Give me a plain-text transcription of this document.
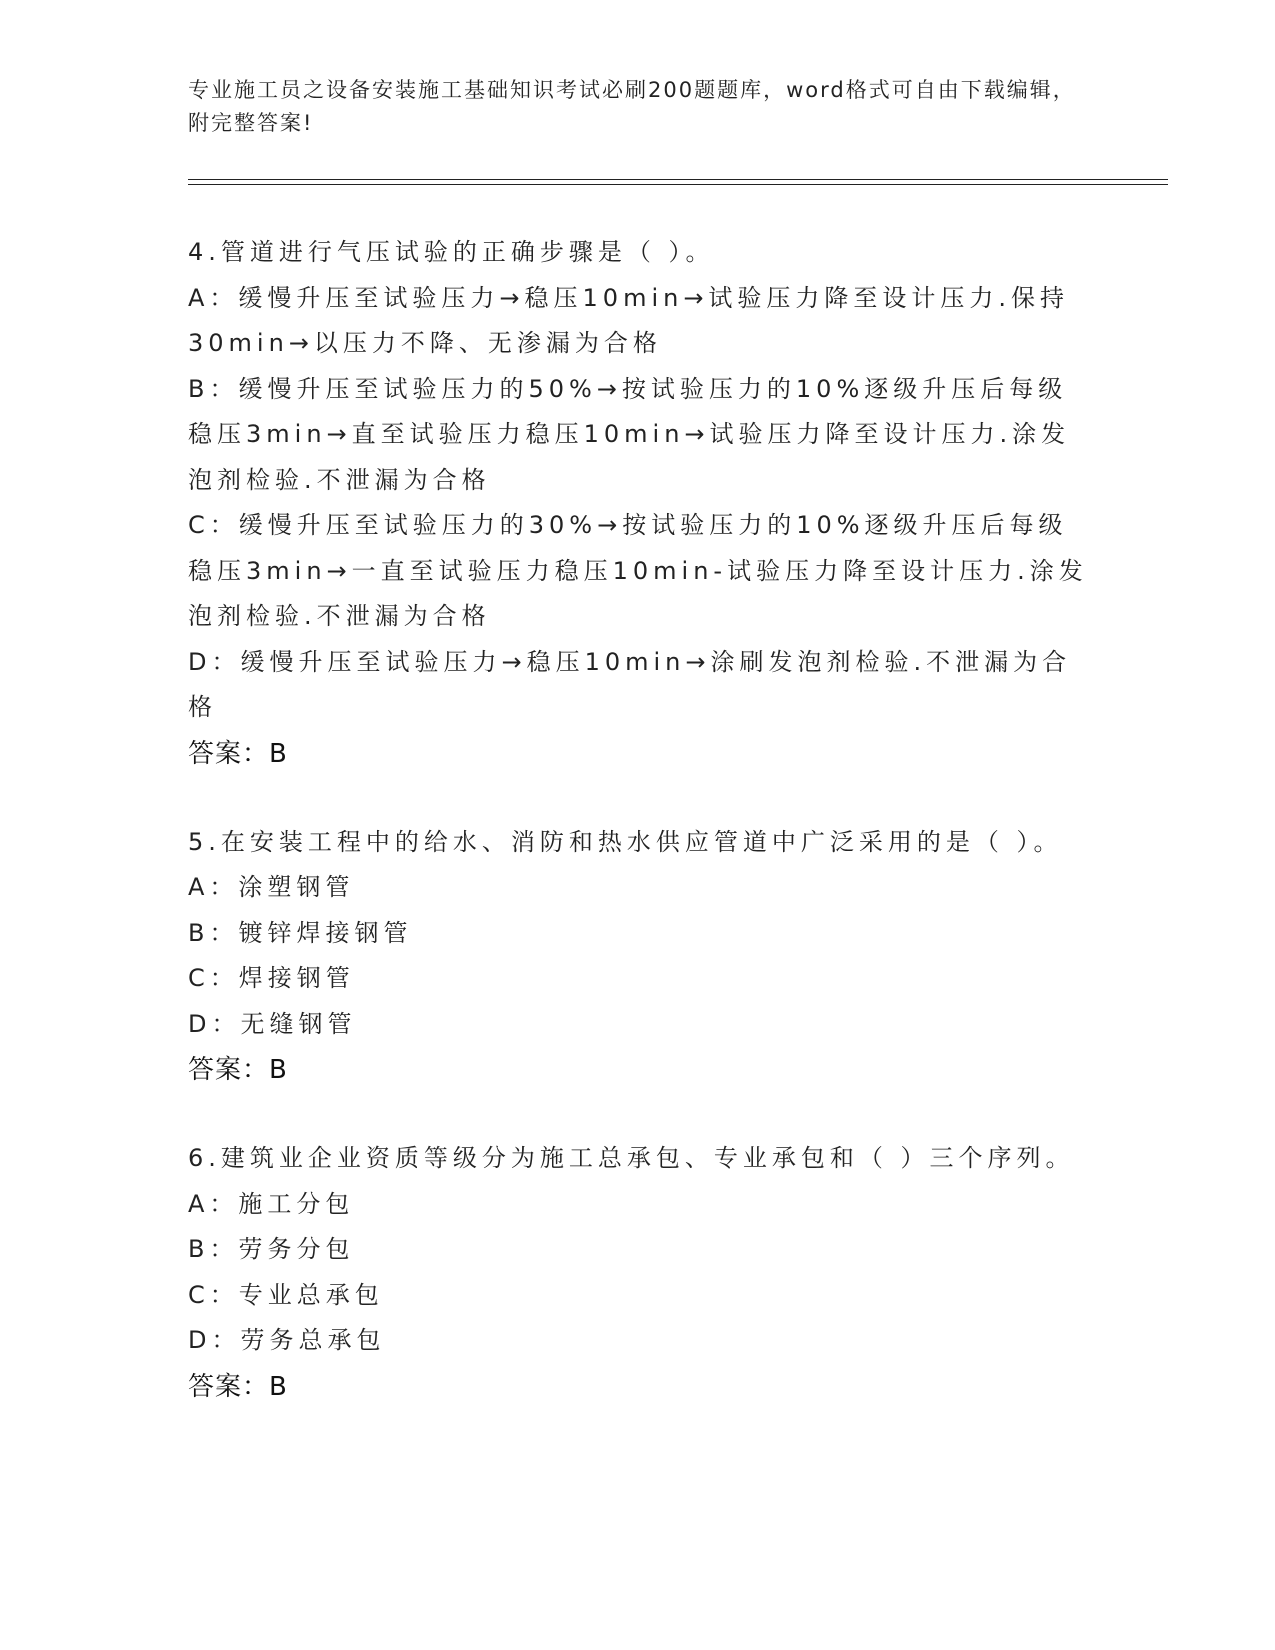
专业施工员之设备安装施工基础知识考试必刷200题题库，word格式可自由下载编辑，附完整答案!
4.管道进行气压试验的正确步骤是（ ）。
A：缓慢升压至试验压力→稳压10min→试验压力降至设计压力.保持30min→以压力不降、无渗漏为合格
B：缓慢升压至试验压力的50%→按试验压力的10%逐级升压后每级稳压3min→直至试验压力稳压10min→试验压力降至设计压力.涂发泡剂检验.不泄漏为合格
C：缓慢升压至试验压力的30%→按试验压力的10%逐级升压后每级稳压3min→一直至试验压力稳压10min-试验压力降至设计压力.涂发泡剂检验.不泄漏为合格
D：缓慢升压至试验压力→稳压10min→涂刷发泡剂检验.不泄漏为合格
答案：B
5.在安装工程中的给水、消防和热水供应管道中广泛采用的是（ ）。
A：涂塑钢管
B：镀锌焊接钢管
C：焊接钢管
D：无缝钢管
答案：B
6.建筑业企业资质等级分为施工总承包、专业承包和（ ）三个序列。
A：施工分包
B：劳务分包
C：专业总承包
D：劳务总承包
答案：B
